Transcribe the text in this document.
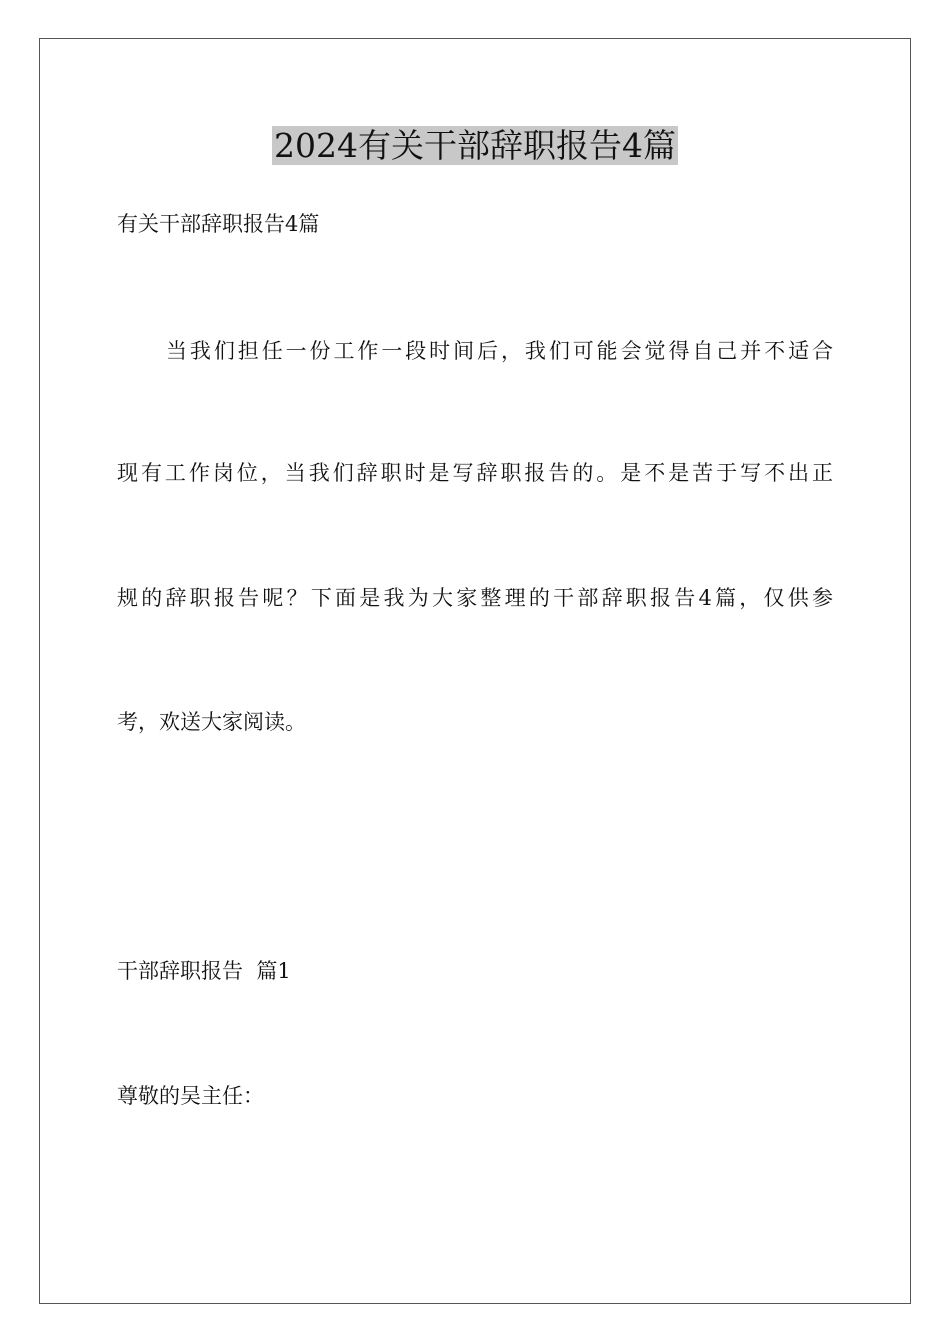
2024有关干部辞职报告4篇

有关干部辞职报告4篇

当我们担任一份工作一段时间后，我们可能会觉得自己并不适合

现有工作岗位，当我们辞职时是写辞职报告的。是不是苦于写不出正

规的辞职报告呢？下面是我为大家整理的干部辞职报告4篇，仅供参

考，欢送大家阅读。

干部辞职报告  篇1

尊敬的吴主任：
